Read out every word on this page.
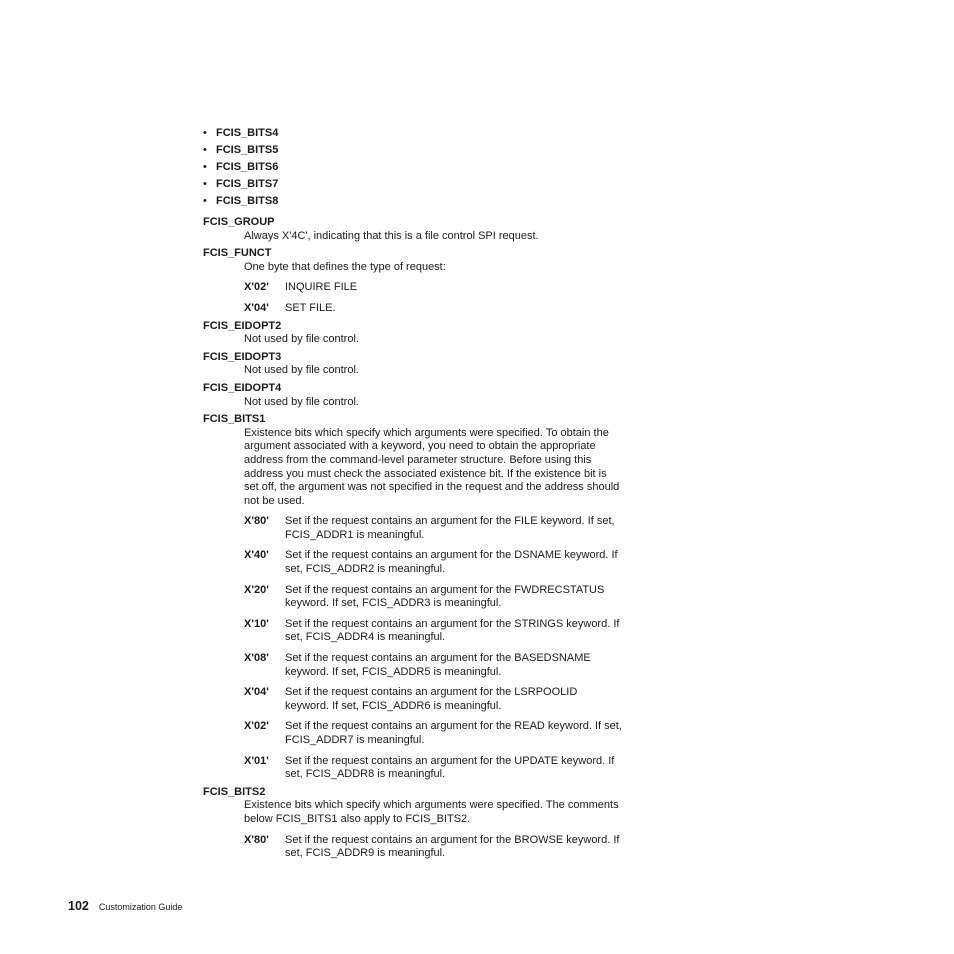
• FCIS_BITS4
• FCIS_BITS5
• FCIS_BITS6
• FCIS_BITS7
• FCIS_BITS8
FCIS_GROUP
Always X'4C', indicating that this is a file control SPI request.
FCIS_FUNCT
One byte that defines the type of request:
X'02'	INQUIRE FILE
X'04'	SET FILE.
FCIS_EIDOPT2
Not used by file control.
FCIS_EIDOPT3
Not used by file control.
FCIS_EIDOPT4
Not used by file control.
FCIS_BITS1
Existence bits which specify which arguments were specified. To obtain the argument associated with a keyword, you need to obtain the appropriate address from the command-level parameter structure. Before using this address you must check the associated existence bit. If the existence bit is set off, the argument was not specified in the request and the address should not be used.
X'80'	Set if the request contains an argument for the FILE keyword. If set, FCIS_ADDR1 is meaningful.
X'40'	Set if the request contains an argument for the DSNAME keyword. If set, FCIS_ADDR2 is meaningful.
X'20'	Set if the request contains an argument for the FWDRECSTATUS keyword. If set, FCIS_ADDR3 is meaningful.
X'10'	Set if the request contains an argument for the STRINGS keyword. If set, FCIS_ADDR4 is meaningful.
X'08'	Set if the request contains an argument for the BASEDSNAME keyword. If set, FCIS_ADDR5 is meaningful.
X'04'	Set if the request contains an argument for the LSRPOOLID keyword. If set, FCIS_ADDR6 is meaningful.
X'02'	Set if the request contains an argument for the READ keyword. If set, FCIS_ADDR7 is meaningful.
X'01'	Set if the request contains an argument for the UPDATE keyword. If set, FCIS_ADDR8 is meaningful.
FCIS_BITS2
Existence bits which specify which arguments were specified. The comments below FCIS_BITS1 also apply to FCIS_BITS2.
X'80'	Set if the request contains an argument for the BROWSE keyword. If set, FCIS_ADDR9 is meaningful.
102 Customization Guide
